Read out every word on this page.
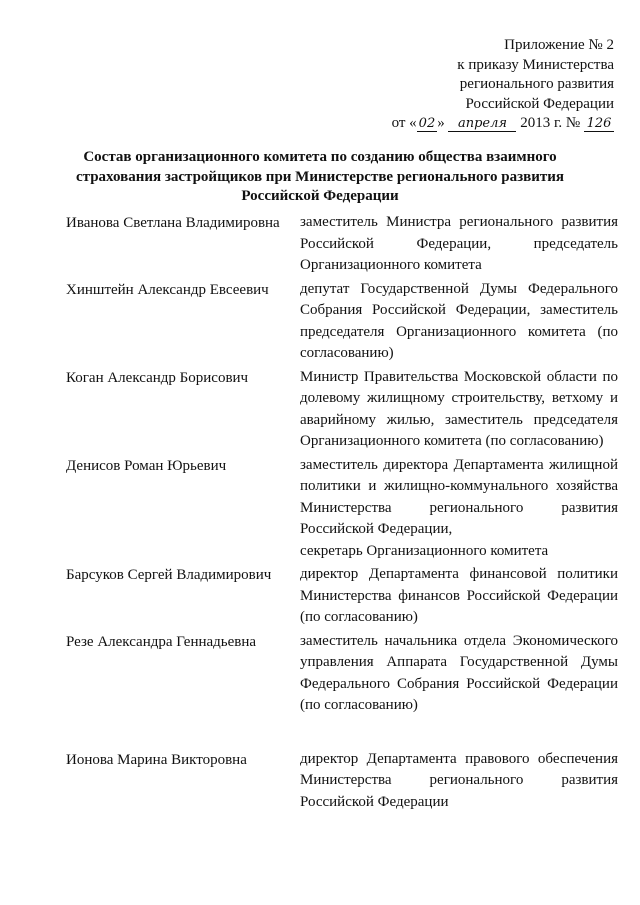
Приложение № 2
к приказу Министерства
регионального развития
Российской Федерации
от « 02 » апреля 2013 г. № 126
Состав организационного комитета по созданию общества взаимного страхования застройщиков при Министерстве регионального развития Российской Федерации
Иванова Светлана Владимировна	заместитель Министра регионального развития Российской Федерации, председатель Организационного комитета
Хинштейн Александр Евсеевич	депутат Государственной Думы Федерального Собрания Российской Федерации, заместитель председателя Организационного комитета (по согласованию)
Коган Александр Борисович	Министр Правительства Московской области по долевому жилищному строительству, ветхому и аварийному жилью, заместитель председателя Организационного комитета (по согласованию)
Денисов Роман Юрьевич	заместитель директора Департамента жилищной политики и жилищно-коммунального хозяйства Министерства регионального развития Российской Федерации,
секретарь Организационного комитета
Барсуков Сергей Владимирович	директор Департамента финансовой политики Министерства финансов Российской Федерации (по согласованию)
Резе Александра Геннадьевна	заместитель начальника отдела Экономического управления Аппарата Государственной Думы Федерального Собрания Российской Федерации (по согласованию)
Ионова Марина Викторовна	директор Департамента правового обеспечения Министерства регионального развития Российской Федерации
